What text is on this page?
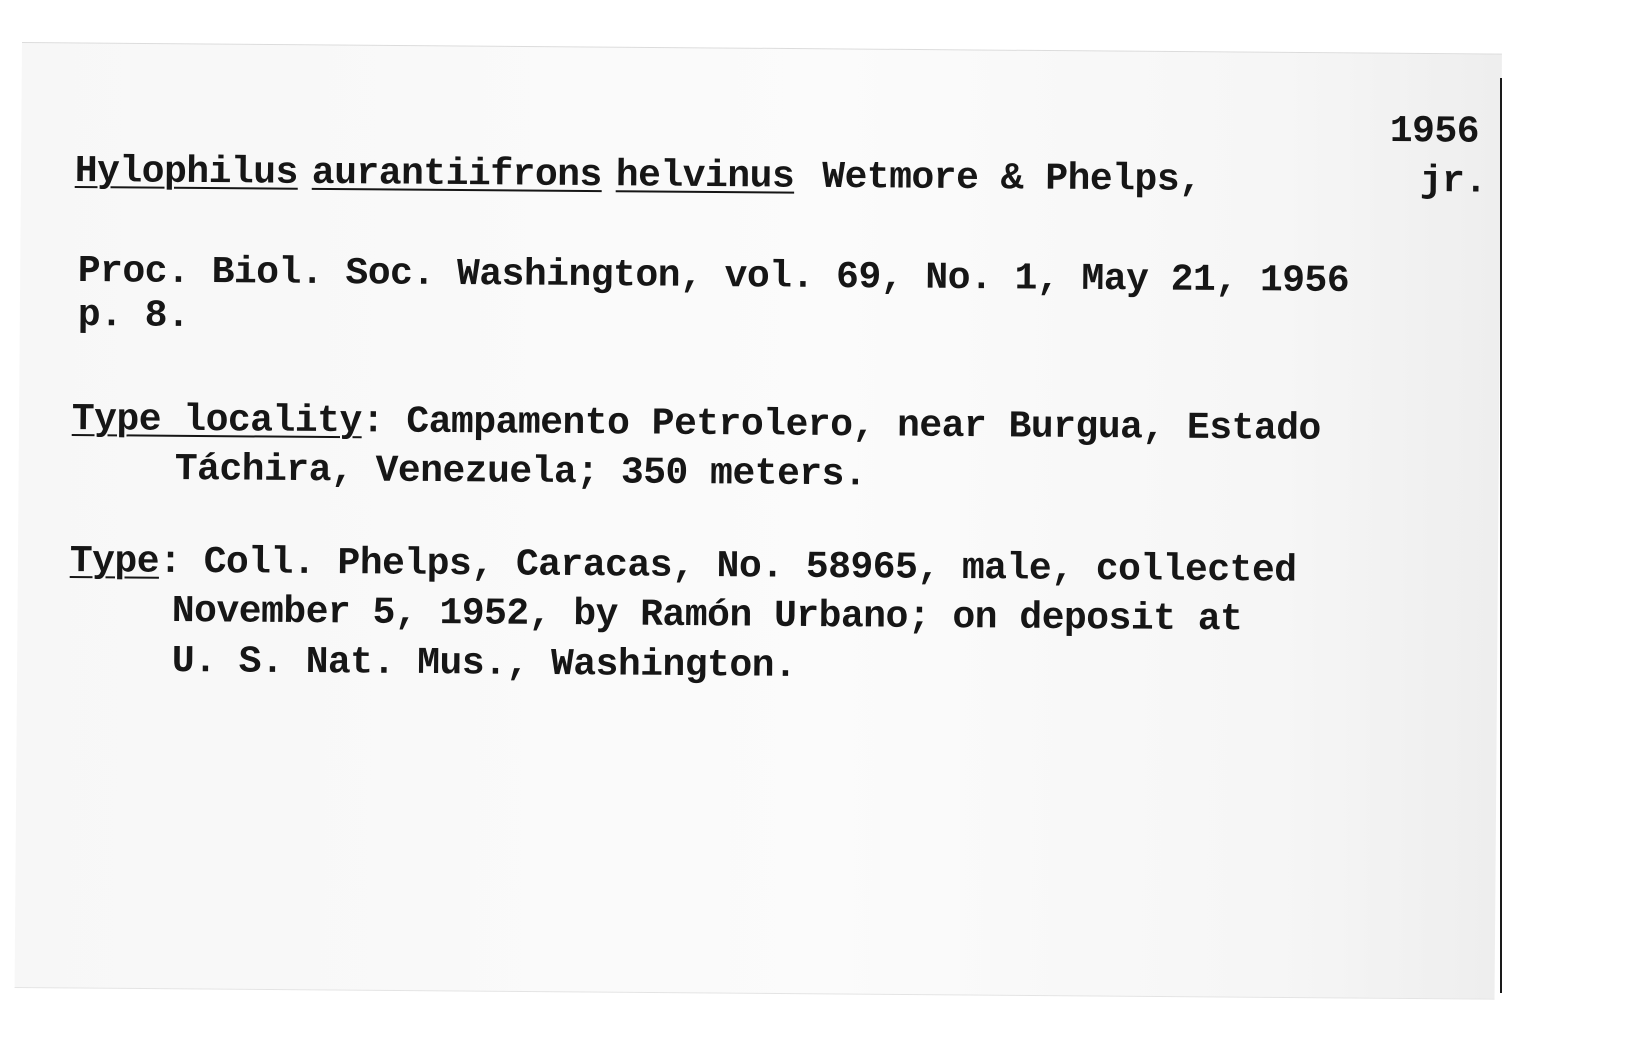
1956
Hylophilus aurantiifrons helvinus Wetmore & Phelps,	jr.
Proc. Biol. Soc. Washington, vol. 69, No. 1, May 21, 1956
p. 8.
Type locality: Campamento Petrolero, near Burgua, Estado
Táchira, Venezuela; 350 meters.
Type: Coll. Phelps, Caracas, No. 58965, male, collected
November 5, 1952, by Ramón Urbano; on deposit at
U. S. Nat. Mus., Washington.
